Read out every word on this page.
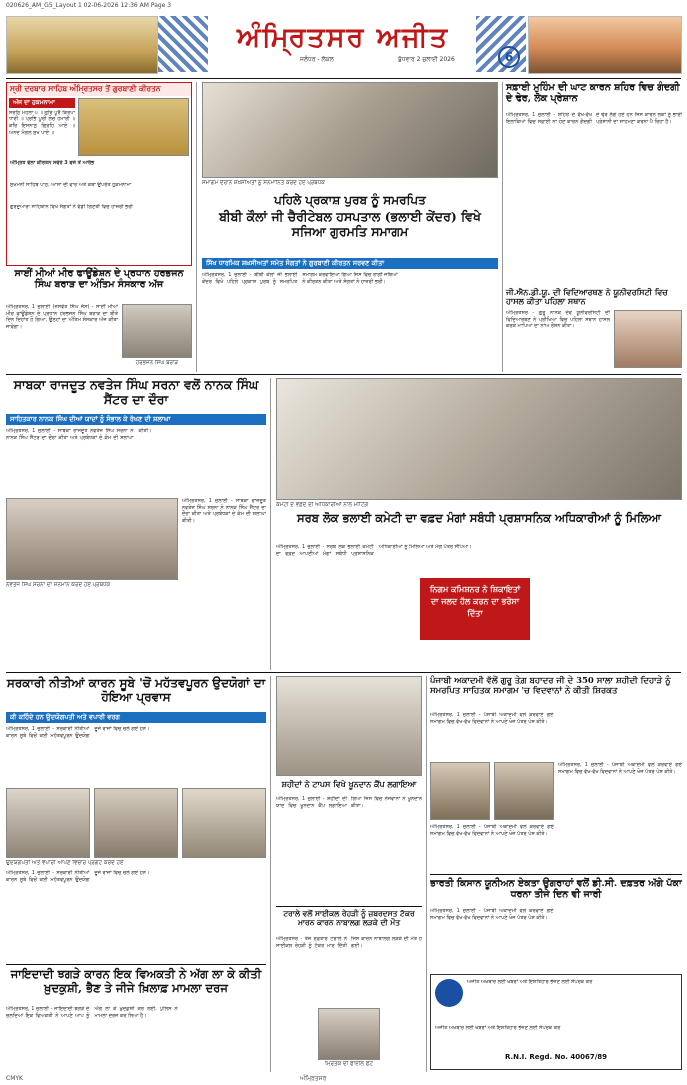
020626_AM_G5_Layout 1 02-06-2026 12:36 AM Page 3
ਅੰਮ੍ਰਿਤਸਰ ਅਜੀਤ
ਜਲੰਧਰ - ਲੋਕਲ	ਬੁੱਧਵਾਰ 2 ਜੁਲਾਈ 2026	6
ਸ੍ਰੀ ਦਰਬਾਰ ਸਾਹਿਬ ਅੰਮ੍ਰਿਤਸਰ ਤੋਂ ਗੁਰਬਾਣੀ ਕੀਰਤਨ
ਅੱਜ ਦਾ ਹੁਕਮਨਾਮਾ
ਸੋਰਠਿ ਮਹਲਾ ੫ ॥ ਗੁਰਿ ਪੂਰੈ ਕਿਰਪਾ ਧਾਰੀ ॥ ਪ੍ਰਭਿ ਪੂਰੀ ਲੋਚ ਹਮਾਰੀ ॥ ਕਰਿ ਇਸਨਾਨੁ ਗ੍ਰਿਹਿ ਆਏ ॥ ਅਨਦ ਮੰਗਲ ਸੁਖ ਪਾਏ ॥
ਅੰਮ੍ਰਿਤ ਵੇਲਾ ਕੀਰਤਨ ਸਵੇਰੇ 3 ਵਜੇ ਤੋਂ ਆਰੰਭ
ਸੁਖਮਨੀ ਸਾਹਿਬ ਪਾਠ, ਆਸਾ ਦੀ ਵਾਰ ਅਤੇ ਕਥਾ ਉਪਰੰਤ ਹੁਕਮਨਾਮਾ
ਗੁਰਦੁਆਰਾ ਸਾਹਿਬਾਨ ਵਿਖੇ ਸੰਗਤਾਂ ਨੇ ਵੱਡੀ ਗਿਣਤੀ ਵਿਚ ਹਾਜ਼ਰੀ ਭਰੀ
ਸਾਈਂ ਮੀਆਂ ਮੀਰ ਫਾਊਂਡੇਸ਼ਨ ਦੇ ਪ੍ਰਧਾਨ ਹਰਭਜਨ ਸਿੰਘ ਬਰਾੜ ਦਾ ਅੰਤਿਮ ਸੰਸਕਾਰ ਅੱਜ
ਅੰਮ੍ਰਿਤਸਰ, 1 ਜੁਲਾਈ (ਜਸਵੰਤ ਸਿੰਘ ਜੱਸ) - ਸਾਈਂ ਮੀਆਂ ਮੀਰ ਫਾਊਂਡੇਸ਼ਨ ਦੇ ਪ੍ਰਧਾਨ ਹਰਭਜਨ ਸਿੰਘ ਬਰਾੜ ਦਾ ਬੀਤੇ ਦਿਨ ਦਿਹਾਂਤ ਹੋ ਗਿਆ, ਉਨ੍ਹਾਂ ਦਾ ਅੰਤਿਮ ਸੰਸਕਾਰ ਅੱਜ ਕੀਤਾ ਜਾਵੇਗਾ।
ਹਰਭਜਨ ਸਿੰਘ ਬਰਾੜ
ਸਮਾਗਮ ਦੌਰਾਨ ਸ਼ਖ਼ਸੀਅਤਾਂ ਨੂੰ ਸਨਮਾਨਿਤ ਕਰਦੇ ਹੋਏ ਪ੍ਰਬੰਧਕ
ਪਹਿਲੇ ਪ੍ਰਕਾਸ਼ ਪੁਰਬ ਨੂੰ ਸਮਰਪਿਤ
ਬੀਬੀ ਕੌਲਾਂ ਜੀ ਚੈਰੀਟੇਬਲ ਹਸਪਤਾਲ (ਭਲਾਈ ਕੇਂਦਰ) ਵਿਖੇ ਸਜਿਆ ਗੁਰਮਤਿ ਸਮਾਗਮ
ਸਿੱਖ ਧਾਰਮਿਕ ਸ਼ਖ਼ਸੀਅਤਾਂ ਸਮੇਤ ਸੰਗਤਾਂ ਨੇ ਗੁਰਬਾਣੀ ਕੀਰਤਨ ਸਰਵਣ ਕੀਤਾ
ਅੰਮ੍ਰਿਤਸਰ, 1 ਜੁਲਾਈ - ਬੀਬੀ ਕੌਲਾਂ ਜੀ ਭਲਾਈ ਕੇਂਦਰ ਵਿਖੇ ਪਹਿਲੇ ਪ੍ਰਕਾਸ਼ ਪੁਰਬ ਨੂੰ ਸਮਰਪਿਤ ਸਮਾਗਮ ਕਰਵਾਇਆ ਗਿਆ ਜਿਸ ਵਿਚ ਰਾਗੀ ਜਥਿਆਂ ਨੇ ਕੀਰਤਨ ਕੀਤਾ ਅਤੇ ਸੰਗਤਾਂ ਨੇ ਹਾਜ਼ਰੀ ਭਰੀ।
ਸਫ਼ਾਈ ਮੁਹਿੰਮ ਦੀ ਘਾਟ ਕਾਰਨ ਸ਼ਹਿਰ ਵਿਚ ਗੰਦਗੀ ਦੇ ਢੇਰ, ਲੋਕ ਪ੍ਰੇਸ਼ਾਨ
ਅੰਮ੍ਰਿਤਸਰ, 1 ਜੁਲਾਈ - ਸ਼ਹਿਰ ਦੇ ਵੱਖ-ਵੱਖ ਇਲਾਕਿਆਂ ਵਿਚ ਸਫ਼ਾਈ ਨਾ ਹੋਣ ਕਾਰਨ ਗੰਦਗੀ ਦੇ ਢੇਰ ਲੱਗੇ ਹੋਏ ਹਨ ਜਿਸ ਕਾਰਨ ਲੋਕਾਂ ਨੂੰ ਭਾਰੀ ਪ੍ਰੇਸ਼ਾਨੀ ਦਾ ਸਾਹਮਣਾ ਕਰਨਾ ਪੈ ਰਿਹਾ ਹੈ।
ਜੀ.ਐਨ.ਡੀ.ਯੂ. ਦੀ ਵਿਦਿਆਰਥਣ ਨੇ ਯੂਨੀਵਰਸਿਟੀ ਵਿਚ ਹਾਸਲ ਕੀਤਾ ਪਹਿਲਾ ਸਥਾਨ
ਅੰਮ੍ਰਿਤਸਰ - ਗੁਰੂ ਨਾਨਕ ਦੇਵ ਯੂਨੀਵਰਸਿਟੀ ਦੀ ਵਿਦਿਆਰਥਣ ਨੇ ਪ੍ਰੀਖਿਆ ਵਿਚ ਪਹਿਲਾ ਸਥਾਨ ਹਾਸਲ ਕਰਕੇ ਮਾਪਿਆਂ ਦਾ ਨਾਂਅ ਰੌਸ਼ਨ ਕੀਤਾ।
ਸਾਬਕਾ ਰਾਜਦੂਤ ਨਵਤੇਜ ਸਿੰਘ ਸਰਨਾ ਵਲੋਂ ਨਾਨਕ ਸਿੰਘ ਸੈਂਟਰ ਦਾ ਦੌਰਾ
ਸਾਹਿਤਕਾਰ ਨਾਨਕ ਸਿੰਘ ਦੀਆਂ ਯਾਦਾਂ ਨੂੰ ਸੰਭਾਲ ਕੇ ਰੱਖਣ ਦੀ ਸ਼ਲਾਘਾ
ਅੰਮ੍ਰਿਤਸਰ, 1 ਜੁਲਾਈ - ਸਾਬਕਾ ਰਾਜਦੂਤ ਨਵਤੇਜ ਸਿੰਘ ਸਰਨਾ ਨੇ ਨਾਨਕ ਸਿੰਘ ਸੈਂਟਰ ਦਾ ਦੌਰਾ ਕੀਤਾ ਅਤੇ ਪ੍ਰਬੰਧਕਾਂ ਦੇ ਕੰਮ ਦੀ ਸ਼ਲਾਘਾ ਕੀਤੀ।
ਨਵਤੇਜ ਸਿੰਘ ਸਰਨਾ ਦਾ ਸਨਮਾਨ ਕਰਦੇ ਹੋਏ ਪ੍ਰਬੰਧਕ
ਅੰਮ੍ਰਿਤਸਰ, 1 ਜੁਲਾਈ - ਸਾਬਕਾ ਰਾਜਦੂਤ ਨਵਤੇਜ ਸਿੰਘ ਸਰਨਾ ਨੇ ਨਾਨਕ ਸਿੰਘ ਸੈਂਟਰ ਦਾ ਦੌਰਾ ਕੀਤਾ ਅਤੇ ਪ੍ਰਬੰਧਕਾਂ ਦੇ ਕੰਮ ਦੀ ਸ਼ਲਾਘਾ ਕੀਤੀ।
ਕਮੇਟੀ ਦੇ ਵਫ਼ਦ ਦੀ ਅਧਿਕਾਰੀਆਂ ਨਾਲ ਮੀਟਿੰਗ
ਸਰਬ ਲੋਕ ਭਲਾਈ ਕਮੇਟੀ ਦਾ ਵਫ਼ਦ ਮੰਗਾਂ ਸਬੰਧੀ ਪ੍ਰਸ਼ਾਸਨਿਕ ਅਧਿਕਾਰੀਆਂ ਨੂੰ ਮਿਲਿਆ
ਅੰਮ੍ਰਿਤਸਰ, 1 ਜੁਲਾਈ - ਸਰਬ ਲੋਕ ਭਲਾਈ ਕਮੇਟੀ ਦਾ ਵਫ਼ਦ ਆਪਣੀਆਂ ਮੰਗਾਂ ਸਬੰਧੀ ਪ੍ਰਸ਼ਾਸਨਿਕ ਅਧਿਕਾਰੀਆਂ ਨੂੰ ਮਿਲਿਆ ਅਤੇ ਮੰਗ ਪੱਤਰ ਸੌਂਪਿਆ।
ਨਿਗਮ ਕਮਿਸ਼ਨਰ ਨੇ ਸ਼ਿਕਾਇਤਾਂ ਦਾ ਜਲਦ ਹੱਲ ਕਰਨ ਦਾ ਭਰੋਸਾ ਦਿੱਤਾ
ਸਰਕਾਰੀ ਨੀਤੀਆਂ ਕਾਰਨ ਸੂਬੇ 'ਚੋਂ ਮਹੱਤਵਪੂਰਨ ਉਦਯੋਗਾਂ ਦਾ ਹੋਇਆ ਪ੍ਰਵਾਸ
ਕੀ ਕਹਿੰਦੇ ਹਨ ਉਦਯੋਗਪਤੀ ਅਤੇ ਵਪਾਰੀ ਵਰਗ
ਅੰਮ੍ਰਿਤਸਰ, 1 ਜੁਲਾਈ - ਸਰਕਾਰੀ ਨੀਤੀਆਂ ਕਾਰਨ ਸੂਬੇ ਵਿਚੋਂ ਕਈ ਮਹੱਤਵਪੂਰਨ ਉਦਯੋਗ ਦੂਜੇ ਰਾਜਾਂ ਵਿਚ ਚਲੇ ਗਏ ਹਨ।
ਉਦਯੋਗਪਤੀ ਅਤੇ ਵਪਾਰੀ ਆਪਣੇ ਵਿਚਾਰ ਪ੍ਰਗਟ ਕਰਦੇ ਹੋਏ
ਅੰਮ੍ਰਿਤਸਰ, 1 ਜੁਲਾਈ - ਸਰਕਾਰੀ ਨੀਤੀਆਂ ਕਾਰਨ ਸੂਬੇ ਵਿਚੋਂ ਕਈ ਮਹੱਤਵਪੂਰਨ ਉਦਯੋਗ ਦੂਜੇ ਰਾਜਾਂ ਵਿਚ ਚਲੇ ਗਏ ਹਨ।
ਜਾਇਦਾਦੀ ਝਗੜੇ ਕਾਰਨ ਇਕ ਵਿਅਕਤੀ ਨੇ ਅੱਗ ਲਾ ਕੇ ਕੀਤੀ ਖ਼ੁਦਕੁਸ਼ੀ, ਭੈਣ ਤੇ ਜੀਜੇ ਖ਼ਿਲਾਫ਼ ਮਾਮਲਾ ਦਰਜ
ਅੰਮ੍ਰਿਤਸਰ, 1 ਜੁਲਾਈ - ਜਾਇਦਾਦੀ ਝਗੜੇ ਦੇ ਚਲਦਿਆਂ ਇਕ ਵਿਅਕਤੀ ਨੇ ਆਪਣੇ ਆਪ ਨੂੰ ਅੱਗ ਲਾ ਕੇ ਖ਼ੁਦਕੁਸ਼ੀ ਕਰ ਲਈ, ਪੁਲਿਸ ਨੇ ਮਾਮਲਾ ਦਰਜ ਕਰ ਲਿਆ ਹੈ।
ਸ਼ਹੀਦਾਂ ਨੇ ਟਾਪਸ ਵਿਖੇ ਖੂਨਦਾਨ ਕੈਂਪ ਲਗਾਇਆ
ਅੰਮ੍ਰਿਤਸਰ, 1 ਜੁਲਾਈ - ਸ਼ਹੀਦਾਂ ਦੀ ਯਾਦ ਵਿਚ ਖੂਨਦਾਨ ਕੈਂਪ ਲਗਾਇਆ ਗਿਆ ਜਿਸ ਵਿਚ ਨੌਜਵਾਨਾਂ ਨੇ ਖੂਨਦਾਨ ਕੀਤਾ।
ਟਰਾਲੇ ਵਲੋਂ ਸਾਈਕਲ ਰੇਹੜੀ ਨੂੰ ਜ਼ਬਰਦਸਤ ਟੱਕਰ ਮਾਰਨ ਕਾਰਨ ਨਾਬਾਲਗ ਲੜਕੇ ਦੀ ਮੌਤ
ਅੰਮ੍ਰਿਤਸਰ - ਤੇਜ਼ ਰਫ਼ਤਾਰ ਟਰਾਲੇ ਨੇ ਸਾਈਕਲ ਰੇਹੜੀ ਨੂੰ ਟੱਕਰ ਮਾਰ ਦਿੱਤੀ ਜਿਸ ਕਾਰਨ ਨਾਬਾਲਗ ਲੜਕੇ ਦੀ ਮੌਤ ਹੋ ਗਈ।
ਮ੍ਰਿਤਕ ਦੀ ਫਾਈਲ ਫੋਟੋ
ਪੰਜਾਬੀ ਅਕਾਦਮੀ ਵੱਲੋਂ ਗੁਰੂ ਤੇਗ਼ ਬਹਾਦਰ ਜੀ ਦੇ 350 ਸਾਲਾ ਸ਼ਹੀਦੀ ਦਿਹਾੜੇ ਨੂੰ ਸਮਰਪਿਤ ਸਾਹਿਤਕ ਸਮਾਗਮ 'ਚ ਵਿਦਵਾਨਾਂ ਨੇ ਕੀਤੀ ਸ਼ਿਰਕਤ
ਅੰਮ੍ਰਿਤਸਰ, 1 ਜੁਲਾਈ - ਪੰਜਾਬੀ ਅਕਾਦਮੀ ਵਲੋਂ ਕਰਵਾਏ ਗਏ ਸਮਾਗਮ ਵਿਚ ਵੱਖ-ਵੱਖ ਵਿਦਵਾਨਾਂ ਨੇ ਆਪਣੇ ਖੋਜ ਪੱਤਰ ਪੇਸ਼ ਕੀਤੇ।
ਅੰਮ੍ਰਿਤਸਰ, 1 ਜੁਲਾਈ - ਪੰਜਾਬੀ ਅਕਾਦਮੀ ਵਲੋਂ ਕਰਵਾਏ ਗਏ ਸਮਾਗਮ ਵਿਚ ਵੱਖ-ਵੱਖ ਵਿਦਵਾਨਾਂ ਨੇ ਆਪਣੇ ਖੋਜ ਪੱਤਰ ਪੇਸ਼ ਕੀਤੇ।
ਅੰਮ੍ਰਿਤਸਰ, 1 ਜੁਲਾਈ - ਪੰਜਾਬੀ ਅਕਾਦਮੀ ਵਲੋਂ ਕਰਵਾਏ ਗਏ ਸਮਾਗਮ ਵਿਚ ਵੱਖ-ਵੱਖ ਵਿਦਵਾਨਾਂ ਨੇ ਆਪਣੇ ਖੋਜ ਪੱਤਰ ਪੇਸ਼ ਕੀਤੇ।
ਭਾਰਤੀ ਕਿਸਾਨ ਯੂਨੀਅਨ ਏਕਤਾ ਉਗਰਾਹਾਂ ਵਲੋਂ ਡੀ.ਸੀ. ਦਫ਼ਤਰ ਅੱਗੇ ਪੱਕਾ ਧਰਨਾ ਤੀਜੇ ਦਿਨ ਵੀ ਜਾਰੀ
ਅੰਮ੍ਰਿਤਸਰ, 1 ਜੁਲਾਈ - ਪੰਜਾਬੀ ਅਕਾਦਮੀ ਵਲੋਂ ਕਰਵਾਏ ਗਏ ਸਮਾਗਮ ਵਿਚ ਵੱਖ-ਵੱਖ ਵਿਦਵਾਨਾਂ ਨੇ ਆਪਣੇ ਖੋਜ ਪੱਤਰ ਪੇਸ਼ ਕੀਤੇ।
ਅਜੀਤ ਅਖ਼ਬਾਰ ਲਈ ਖ਼ਬਰਾਂ ਅਤੇ ਇਸ਼ਤਿਹਾਰ ਭੇਜਣ ਲਈ ਸੰਪਰਕ ਕਰੋ
ਅਜੀਤ ਅਖ਼ਬਾਰ ਲਈ ਖ਼ਬਰਾਂ ਅਤੇ ਇਸ਼ਤਿਹਾਰ ਭੇਜਣ ਲਈ ਸੰਪਰਕ ਕਰੋ
R.N.I. Regd. No. 40067/89
CMYK	ਅੰਮ੍ਰਿਤਸਰ
